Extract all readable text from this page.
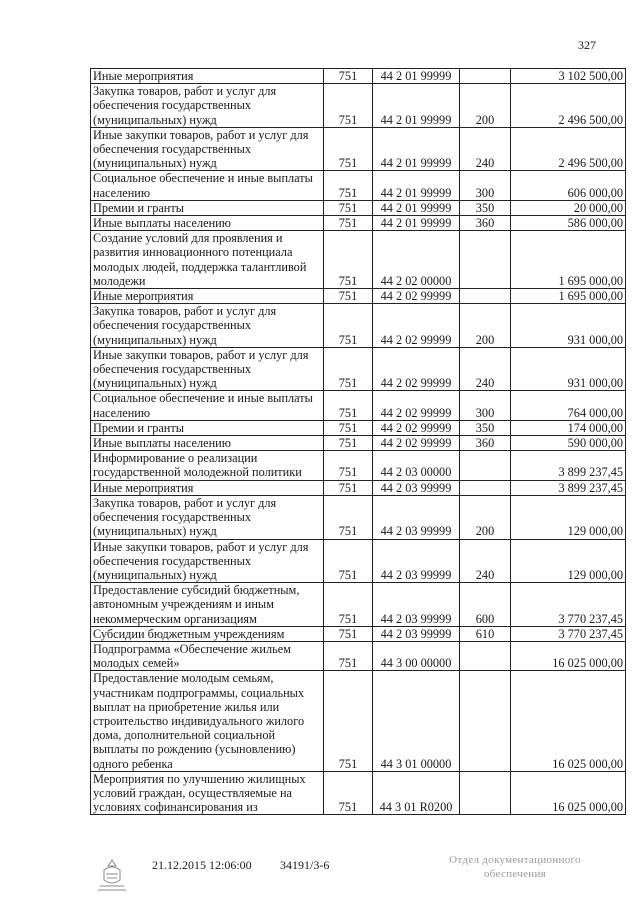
327
Иные мероприятия	751	44 2 01 99999		3 102 500,00
Закупка товаров, работ и услуг для обеспечения государственных (муниципальных) нужд	751	44 2 01 99999	200	2 496 500,00
Иные закупки товаров, работ и услуг для обеспечения государственных (муниципальных) нужд	751	44 2 01 99999	240	2 496 500,00
Социальное обеспечение и иные выплаты населению	751	44 2 01 99999	300	606 000,00
Премии и гранты	751	44 2 01 99999	350	20 000,00
Иные выплаты населению	751	44 2 01 99999	360	586 000,00
Создание условий для проявления и развития инновационного потенциала молодых людей, поддержка талантливой молодежи	751	44 2 02 00000		1 695 000,00
Иные мероприятия	751	44 2 02 99999		1 695 000,00
Закупка товаров, работ и услуг для обеспечения государственных (муниципальных) нужд	751	44 2 02 99999	200	931 000,00
Иные закупки товаров, работ и услуг для обеспечения государственных (муниципальных) нужд	751	44 2 02 99999	240	931 000,00
Социальное обеспечение и иные выплаты населению	751	44 2 02 99999	300	764 000,00
Премии и гранты	751	44 2 02 99999	350	174 000,00
Иные выплаты населению	751	44 2 02 99999	360	590 000,00
Информирование о реализации государственной молодежной политики	751	44 2 03 00000		3 899 237,45
Иные мероприятия	751	44 2 03 99999		3 899 237,45
Закупка товаров, работ и услуг для обеспечения государственных (муниципальных) нужд	751	44 2 03 99999	200	129 000,00
Иные закупки товаров, работ и услуг для обеспечения государственных (муниципальных) нужд	751	44 2 03 99999	240	129 000,00
Предоставление субсидий бюджетным, автономным учреждениям и иным некоммерческим организациям	751	44 2 03 99999	600	3 770 237,45
Субсидии бюджетным учреждениям	751	44 2 03 99999	610	3 770 237,45
Подпрограмма «Обеспечение жильем молодых семей»	751	44 3 00 00000		16 025 000,00
Предоставление молодым семьям, участникам подпрограммы, социальных выплат на приобретение жилья или строительство индивидуального жилого дома, дополнительной социальной выплаты по рождению (усыновлению) одного ребенка	751	44 3 01 00000		16 025 000,00
Мероприятия по улучшению жилищных условий граждан, осуществляемые на условиях софинансирования из	751	44 3 01 R0200		16 025 000,00
21.12.2015 12:06:00 34191/3-6	Отдел документационного
обеспечения
